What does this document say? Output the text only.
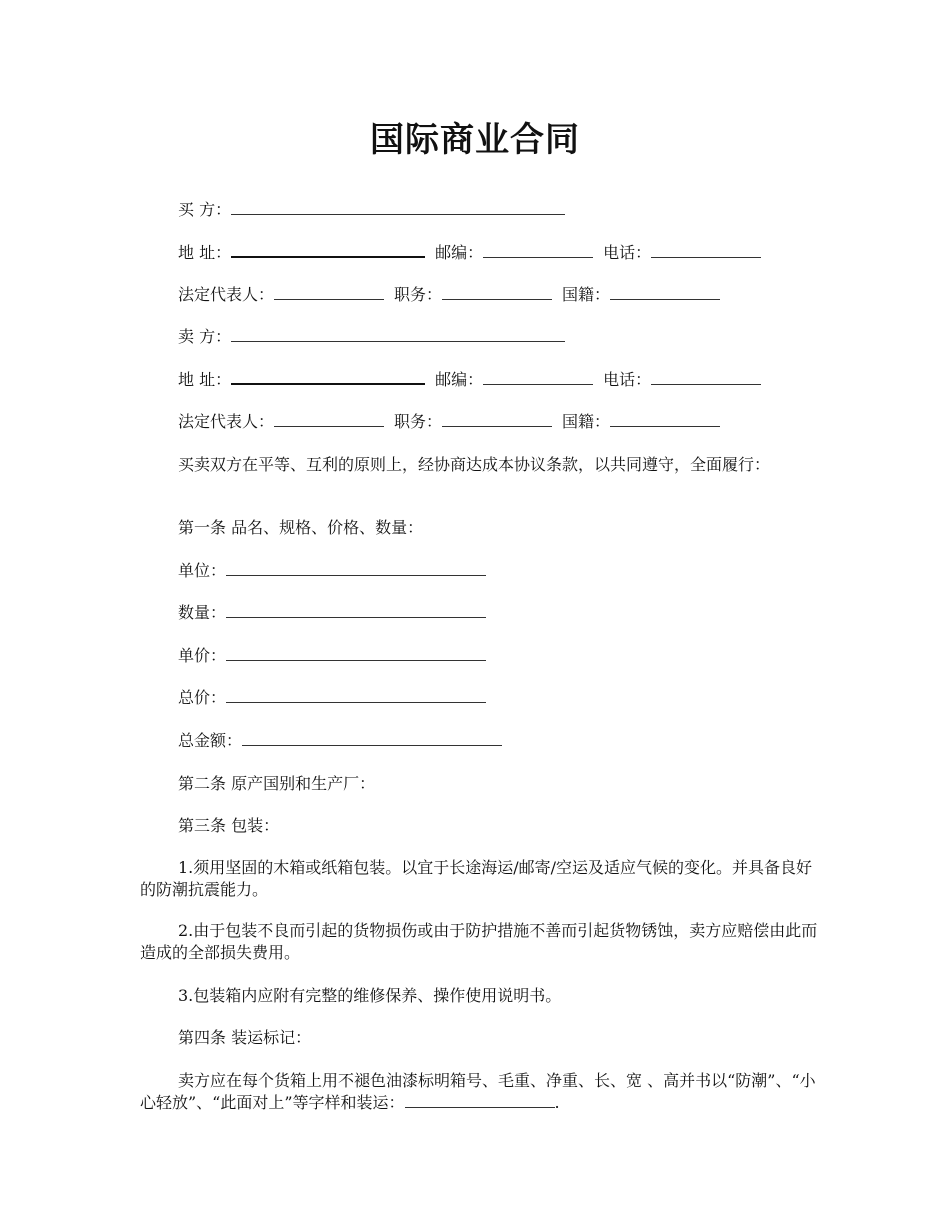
国际商业合同
买 方：
地 址：	邮编：	电话：
法定代表人：	职务：	国籍：
卖 方：
地 址：	邮编：	电话：
法定代表人：	职务：	国籍：
买卖双方在平等、互利的原则上，经协商达成本协议条款，以共同遵守，全面履行：
第一条 品名、规格、价格、数量：
单位：
数量：
单价：
总价：
总金额：
第二条 原产国别和生产厂：
第三条 包装：
1.须用坚固的木箱或纸箱包装。以宜于长途海运/邮寄/空运及适应气候的变化。并具备良好的防潮抗震能力。
2.由于包装不良而引起的货物损伤或由于防护措施不善而引起货物锈蚀，卖方应赔偿由此而造成的全部损失费用。
3.包装箱内应附有完整的维修保养、操作使用说明书。
第四条 装运标记：
卖方应在每个货箱上用不褪色油漆标明箱号、毛重、净重、长、宽 、高并书以“防潮”、“小心轻放”、“此面对上”等字样和装运：	.
